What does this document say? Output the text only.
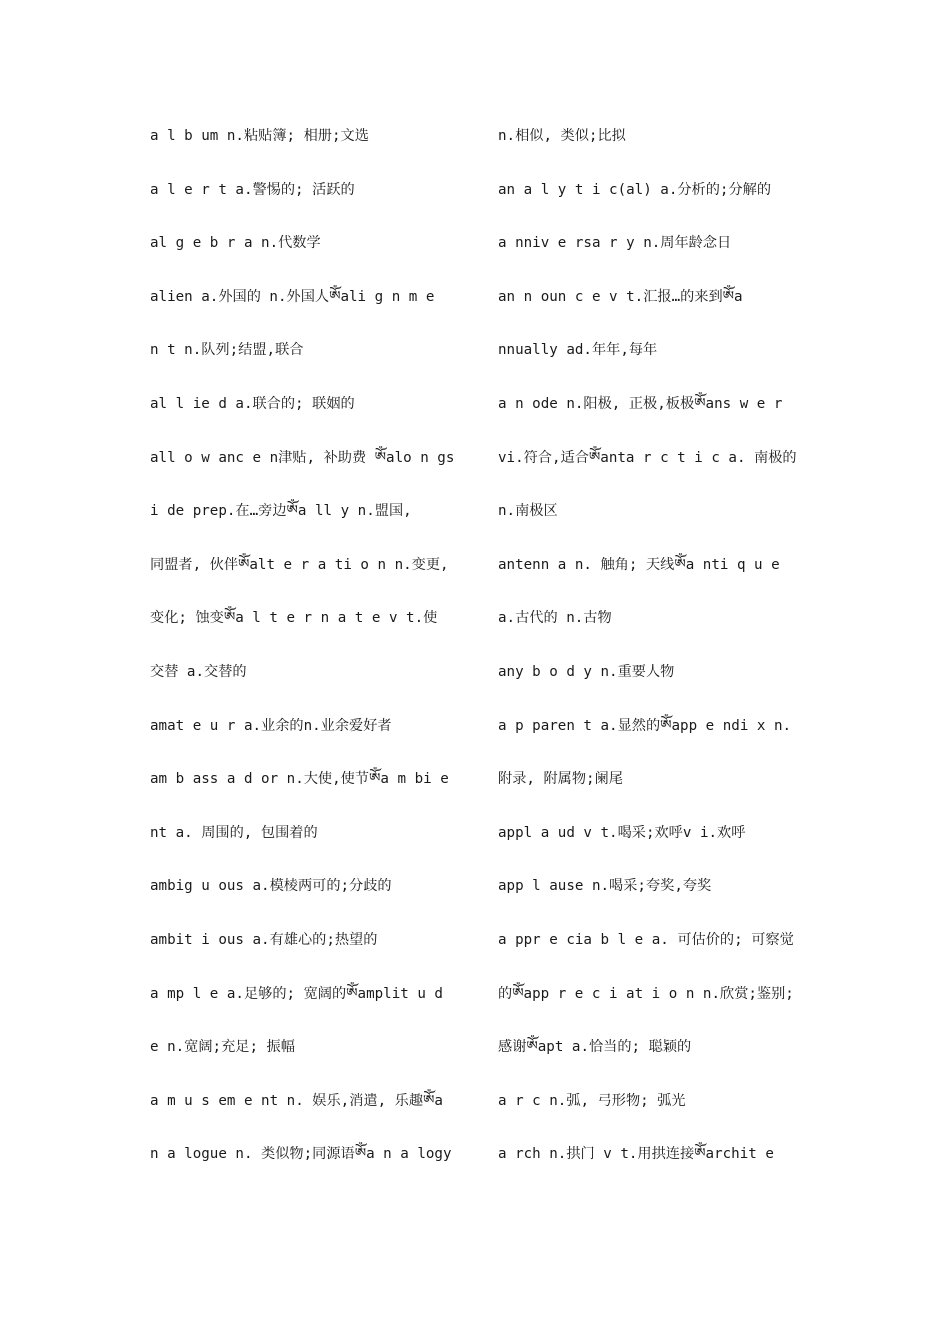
a l b um n.粘贴簿; 相册;文选
a l e r t a.警惕的; 活跃的
al g e b r a n.代数学
alien a.外国的 n.外国人ༀali g n m e
n t n.队列;结盟,联合
al l ie d a.联合的; 联姻的
all o w anc e n津贴, 补助费 ༀalo n gs
i de prep.在…旁边ༀa ll y n.盟国,
同盟者, 伙伴ༀalt e r a ti o n n.变更,
变化; 蚀变ༀa l t e r n a t e v t.使
交替 a.交替的
amat e u r a.业余的n.业余爱好者
am b ass a d or n.大使,使节ༀa m bi e
nt a. 周围的, 包围着的
ambig u ous a.模棱两可的;分歧的
ambit i ous a.有雄心的;热望的
a mp l e a.足够的; 宽阔的ༀamplit u d
e n.宽阔;充足; 振幅
a m u s em e nt n. 娱乐,消遣, 乐趣ༀa
n a logue n. 类似物;同源语ༀa n a logy
n.相似, 类似;比拟
an a l y t i c(al) a.分析的;分解的
a nniv e rsa r y n.周年龄念日
an n oun c e v t.汇报…的来到ༀa
nnually ad.年年,每年
a n ode n.阳极, 正极,板极ༀans w e r
vi.符合,适合ༀanta r c t i c a. 南极的
n.南极区
antenn a n. 触角; 天线ༀa nti q u e
a.古代的 n.古物
any b o d y n.重要人物
a p paren t a.显然的ༀapp e ndi x n.
附录, 附属物;阑尾
appl a ud v t.喝采;欢呼v i.欢呼
app l ause n.喝采;夸奖,夸奖
a ppr e cia b l e a. 可估价的; 可察觉
的ༀapp r e c i at i o n n.欣赏;鉴别;
感谢ༀapt a.恰当的; 聪颖的
a r c n.弧, 弓形物; 弧光
a rch n.拱门 v t.用拱连接ༀarchit e
